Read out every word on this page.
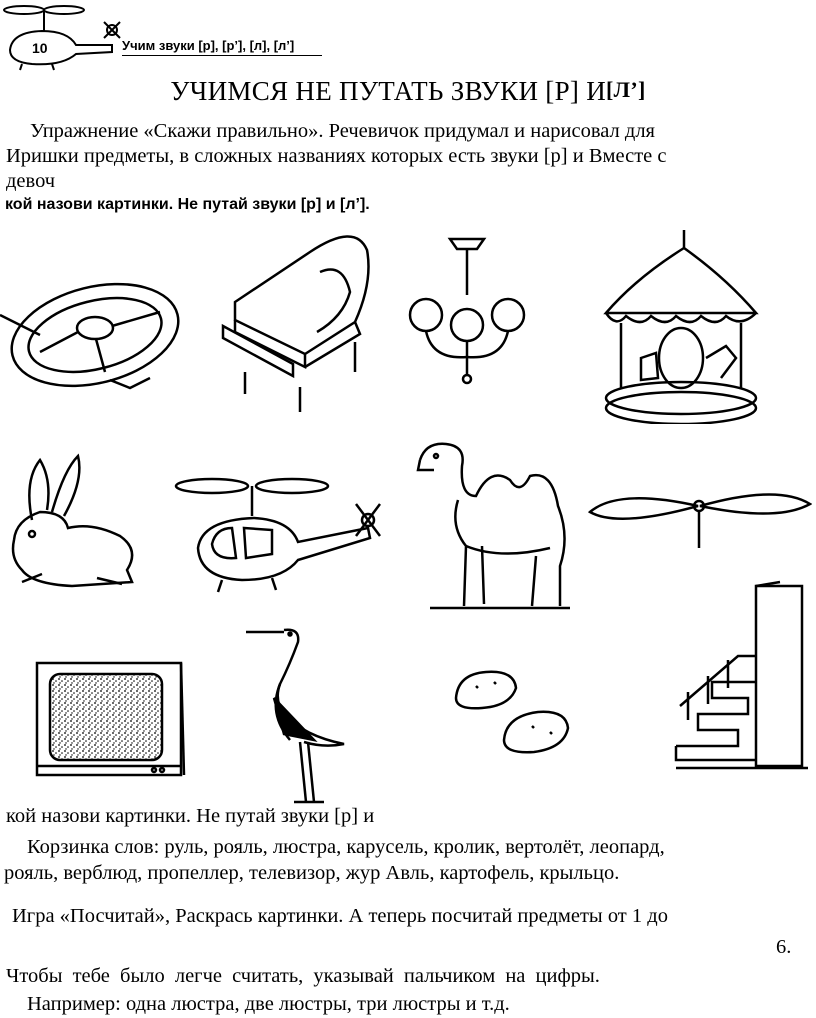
10	Учим звуки [р], [р’], [л], [л’]
УЧИМСЯ НЕ ПУТАТЬ ЗВУКИ [Р] И[Л’]
Упражнение «Скажи правильно». Речевичок придумал и нарисовал для
Иришки предметы, в сложных названиях которых есть звуки [р] и Вместе с
девоч
кой назови картинки. Не путай звуки [р] и [л’].
кой назови картинки. Не путай звуки [р] и
Корзинка слов: руль, рояль, люстра, карусель, кролик, вертолёт, леопард,
рояль, верблюд, пропеллер, телевизор, жур Авль, картофель, крыльцо.
Игра «Посчитай», Раскрась картинки. А теперь посчитай предметы от 1 до
6.
Чтобы тебе было легче считать, указывай пальчиком на цифры.
Например: одна люстра, две люстры, три люстры и т.д.
